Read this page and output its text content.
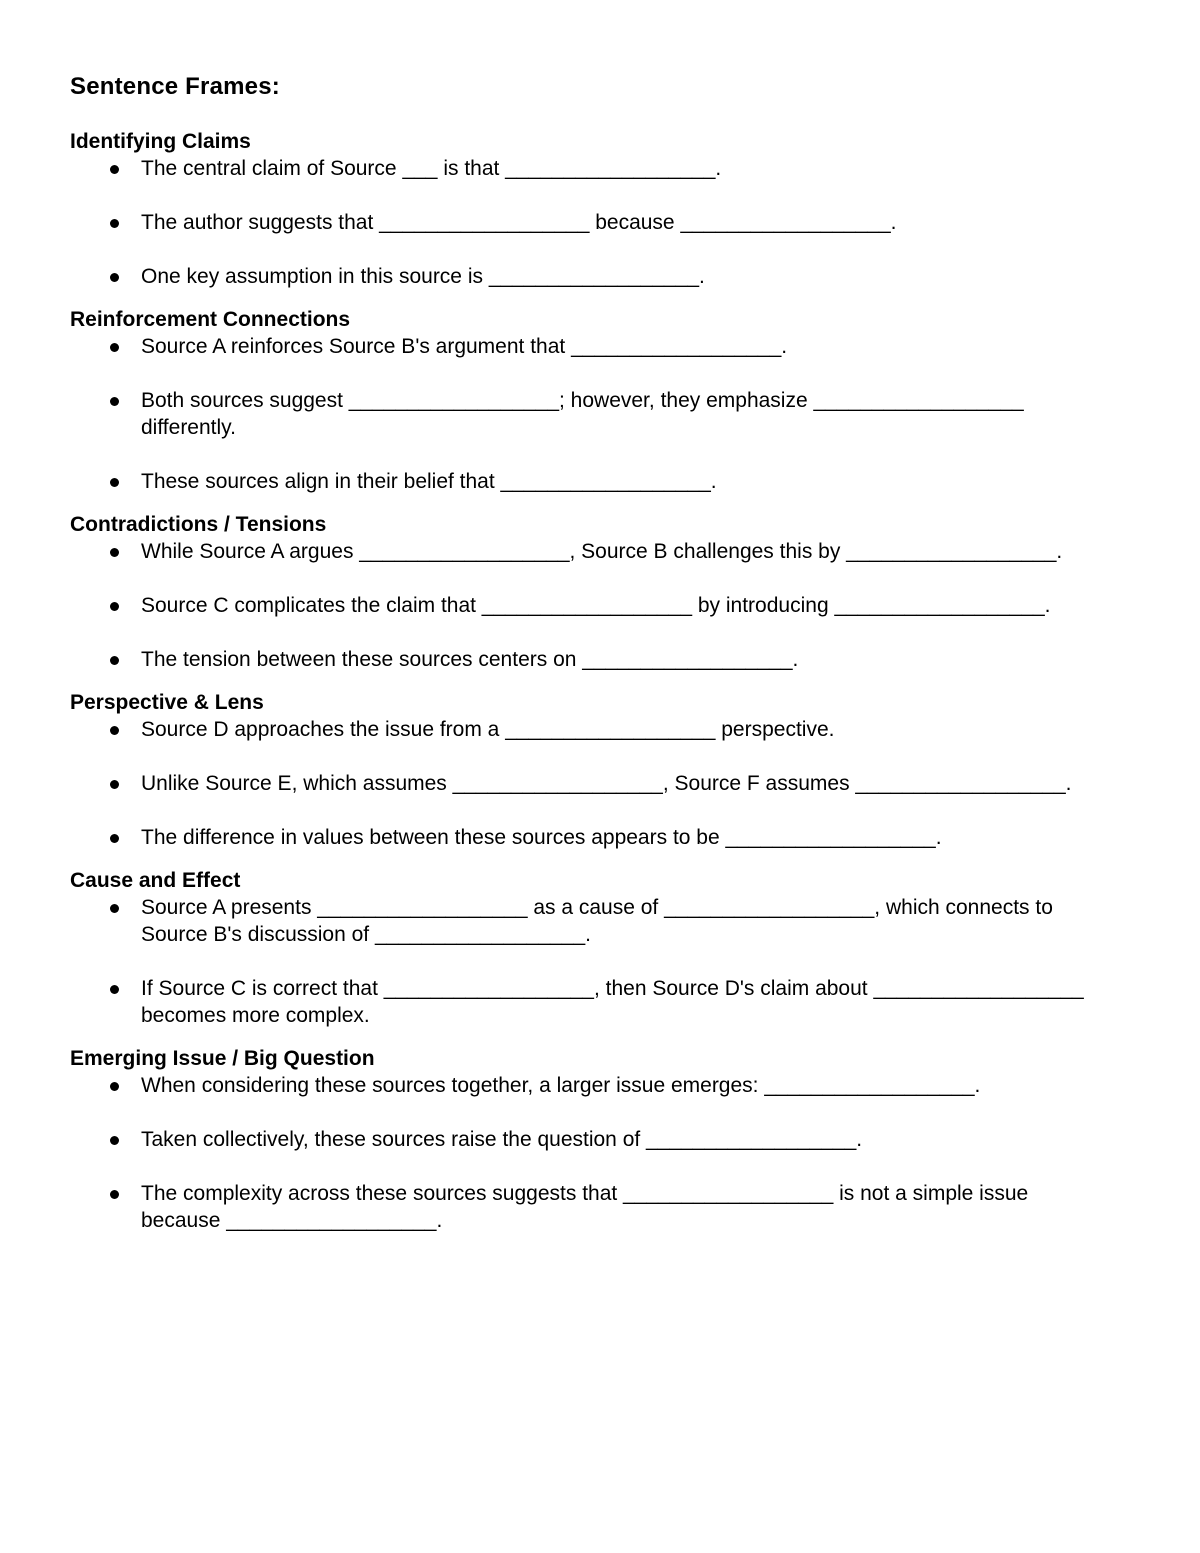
Sentence Frames:
Identifying Claims
The central claim of Source ___ is that __________________.
The author suggests that __________________ because __________________.
One key assumption in this source is __________________.
Reinforcement Connections
Source A reinforces Source B's argument that __________________.
Both sources suggest __________________; however, they emphasize __________________ differently.
These sources align in their belief that __________________.
Contradictions / Tensions
While Source A argues __________________, Source B challenges this by __________________.
Source C complicates the claim that __________________ by introducing __________________.
The tension between these sources centers on __________________.
Perspective & Lens
Source D approaches the issue from a __________________ perspective.
Unlike Source E, which assumes __________________, Source F assumes __________________.
The difference in values between these sources appears to be __________________.
Cause and Effect
Source A presents __________________ as a cause of __________________, which connects to Source B's discussion of __________________.
If Source C is correct that __________________, then Source D's claim about __________________ becomes more complex.
Emerging Issue / Big Question
When considering these sources together, a larger issue emerges: __________________.
Taken collectively, these sources raise the question of __________________.
The complexity across these sources suggests that __________________ is not a simple issue because __________________.
